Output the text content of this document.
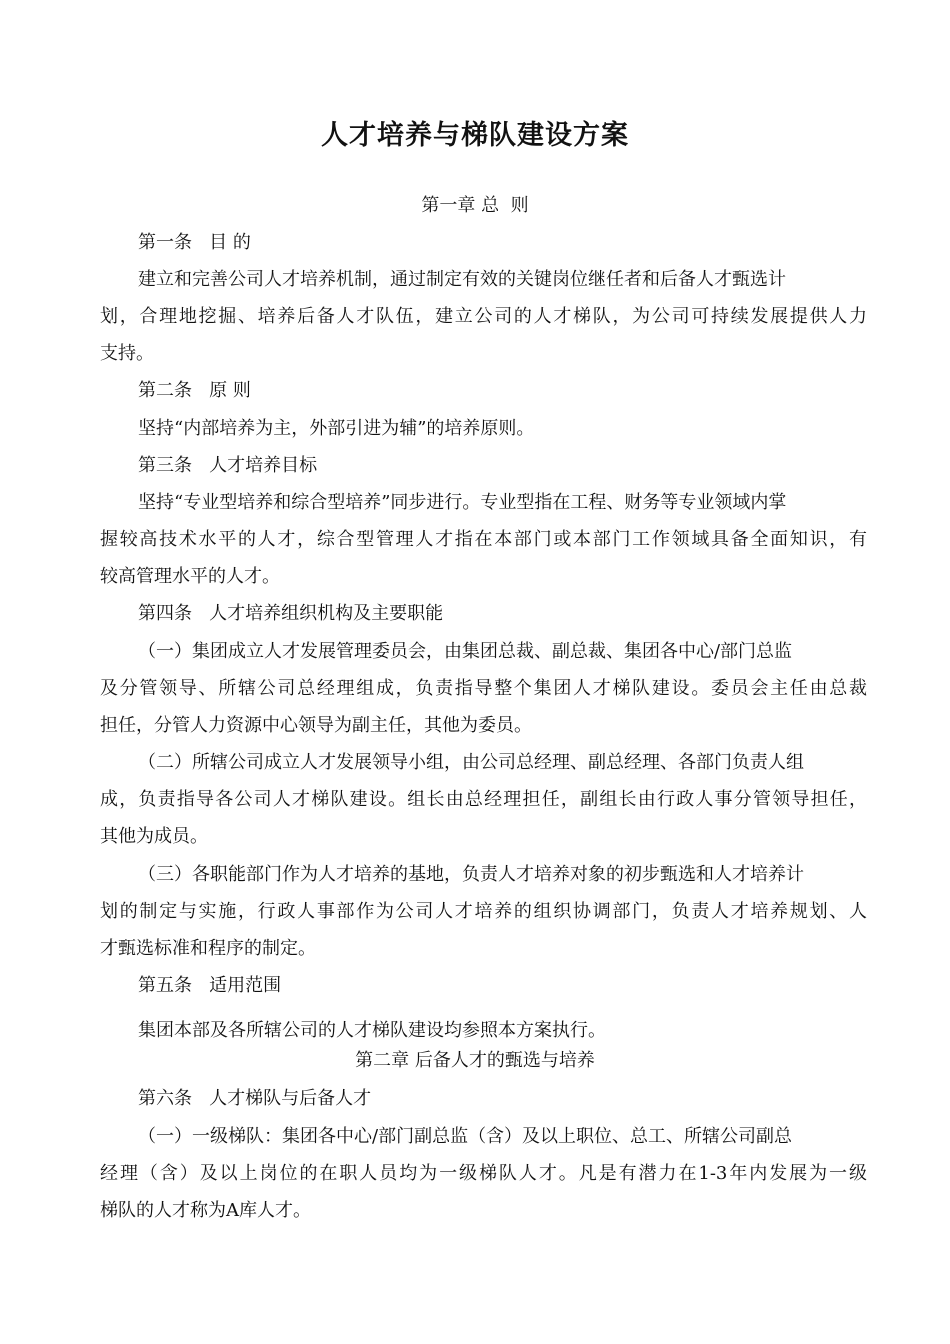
人才培养与梯队建设方案
第一章 总  则
第一条   目 的
建立和完善公司人才培养机制，通过制定有效的关键岗位继任者和后备人才甄选计
划，合理地挖掘、培养后备人才队伍，建立公司的人才梯队，为公司可持续发展提供人力
支持。
第二条   原 则
坚持“内部培养为主，外部引进为辅”的培养原则。
第三条   人才培养目标
坚持“专业型培养和综合型培养”同步进行。专业型指在工程、财务等专业领域内掌
握较高技术水平的人才，综合型管理人才指在本部门或本部门工作领域具备全面知识，有
较高管理水平的人才。
第四条   人才培养组织机构及主要职能
（一）集团成立人才发展管理委员会，由集团总裁、副总裁、集团各中心/部门总监
及分管领导、所辖公司总经理组成，负责指导整个集团人才梯队建设。委员会主任由总裁
担任，分管人力资源中心领导为副主任，其他为委员。
（二）所辖公司成立人才发展领导小组，由公司总经理、副总经理、各部门负责人组
成，负责指导各公司人才梯队建设。组长由总经理担任，副组长由行政人事分管领导担任，
其他为成员。
（三）各职能部门作为人才培养的基地，负责人才培养对象的初步甄选和人才培养计
划的制定与实施，行政人事部作为公司人才培养的组织协调部门，负责人才培养规划、人
才甄选标准和程序的制定。
第五条   适用范围
集团本部及各所辖公司的人才梯队建设均参照本方案执行。
第二章 后备人才的甄选与培养
第六条   人才梯队与后备人才
（一）一级梯队：集团各中心/部门副总监（含）及以上职位、总工、所辖公司副总
经理（含）及以上岗位的在职人员均为一级梯队人才。凡是有潜力在1-3年内发展为一级
梯队的人才称为A库人才。
